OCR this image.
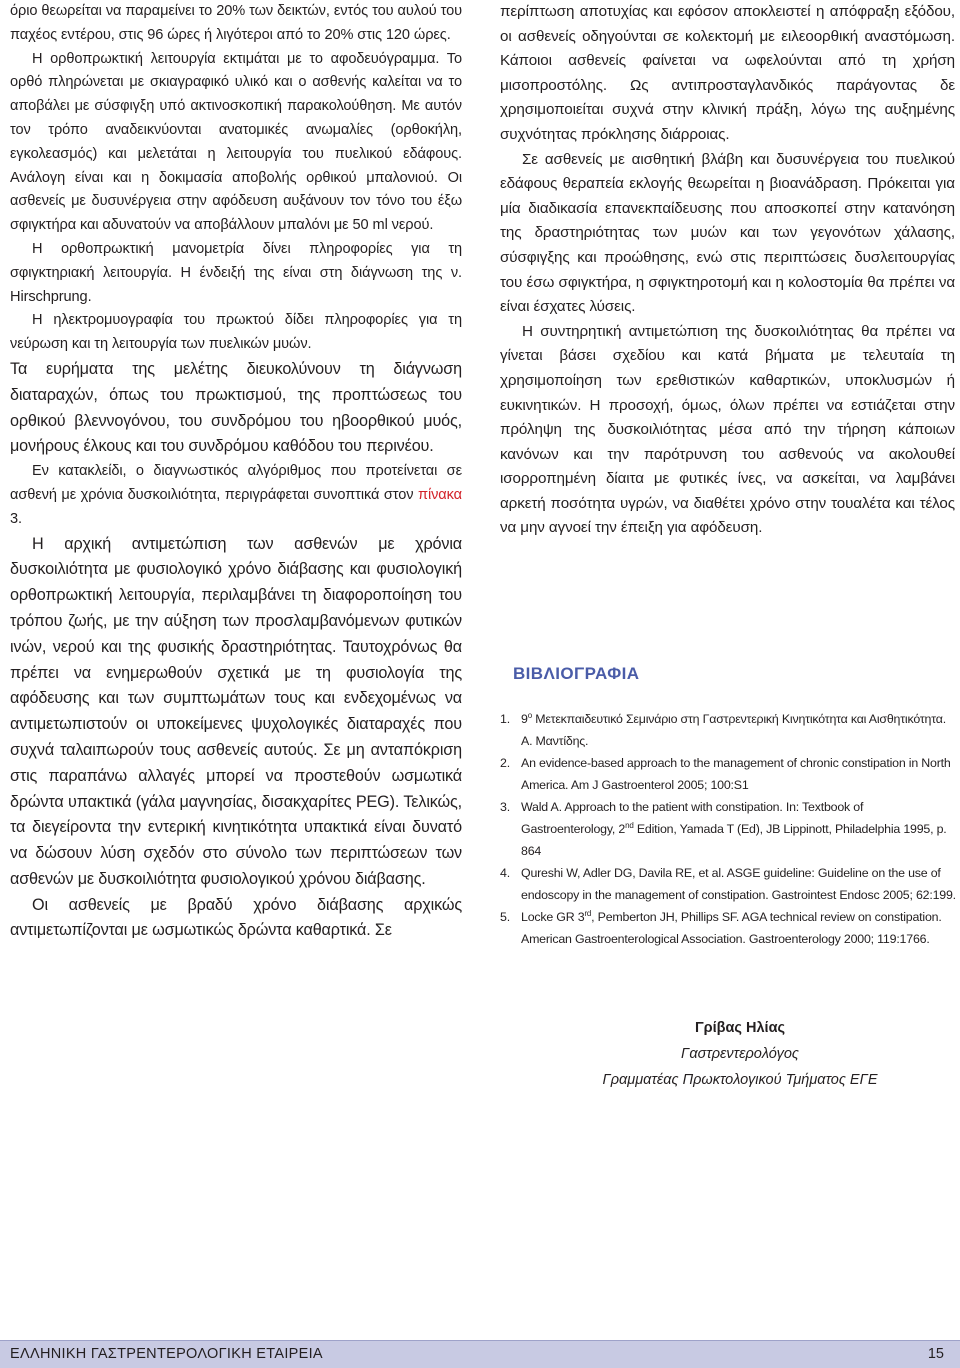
όριο θεωρείται να παραμείνει το 20% των δεικτών, εντός του αυλού του παχέος εντέρου, στις 96 ώρες ή λιγότεροι από το 20% στις 120 ώρες.

Η ορθοπρωκτική λειτουργία εκτιμάται με το αφοδευόγραμμα. Το ορθό πληρώνεται με σκιαγραφικό υλικό και ο ασθενής καλείται να το αποβάλει με σύσφιγξη υπό ακτινοσκοπική παρακολούθηση. Με αυτόν τον τρόπο αναδεικνύονται ανατομικές ανωμαλίες (ορθοκήλη, εγκολεασμός) και μελετάται η λειτουργία του πυελικού εδάφους. Ανάλογη είναι και η δοκιμασία αποβολής ορθικού μπαλονιού. Οι ασθενείς με δυσυνέργεια στην αφόδευση αυξάνουν τον τόνο του έξω σφιγκτήρα και αδυνατούν να αποβάλλουν μπαλόνι με 50 ml νερού.

Η ορθοπρωκτική μανομετρία δίνει πληροφορίες για τη σφιγκτηριακή λειτουργία. Η ένδειξή της είναι στη διάγνωση της ν. Hirschprung.

Η ηλεκτρομυογραφία του πρωκτού δίδει πληροφορίες για τη νεύρωση και τη λειτουργία των πυελικών μυών.

Τα ευρήματα της μελέτης διευκολύνουν τη διάγνωση διαταραχών, όπως του πρωκτισμού, της προπτώσεως του ορθικού βλεννογόνου, του συνδρόμου του ηβοορθικού μυός, μονήρους έλκους και του συνδρόμου καθόδου του περινέου.

Εν κατακλείδι, ο διαγνωστικός αλγόριθμος που προτείνεται σε ασθενή με χρόνια δυσκοιλιότητα, περιγράφεται συνοπτικά στον πίνακα 3.

Η αρχική αντιμετώπιση των ασθενών με χρόνια δυσκοιλιότητα με φυσιολογικό χρόνο διάβασης και φυσιολογική ορθοπρωκτική λειτουργία, περιλαμβάνει τη διαφοροποίηση του τρόπου ζωής, με την αύξηση των προσλαμβανόμενων φυτικών ινών, νερού και της φυσικής δραστηριότητας. Ταυτοχρόνως θα πρέπει να ενημερωθούν σχετικά με τη φυσιολογία της αφόδευσης και των συμπτωμάτων τους και ενδεχομένως να αντιμετωπιστούν οι υποκείμενες ψυχολογικές διαταραχές που συχνά ταλαιπωρούν τους ασθενείς αυτούς. Σε μη ανταπόκριση στις παραπάνω αλλαγές μπορεί να προστεθούν ωσμωτικά δρώντα υπακτικά (γάλα μαγνησίας, δισακχαρίτες PEG). Τελικώς, τα διεγείροντα την εντερική κινητικότητα υπακτικά είναι δυνατό να δώσουν λύση σχεδόν στο σύνολο των περιπτώσεων των ασθενών με δυσκοιλιότητα φυσιολογικού χρόνου διάβασης.

Οι ασθενείς με βραδύ χρόνο διάβασης αρχικώς αντιμετωπίζονται με ωσμωτικώς δρώντα καθαρτικά. Σε

περίπτωση αποτυχίας και εφόσον αποκλειστεί η απόφραξη εξόδου, οι ασθενείς οδηγούνται σε κολεκτομή με ειλεοορθική αναστόμωση. Κάποιοι ασθενείς φαίνεται να ωφελούνται από τη χρήση μισοπροστόλης. Ως αντιπροσταγλανδικός παράγοντας δε χρησιμοποιείται συχνά στην κλινική πράξη, λόγω της αυξημένης συχνότητας πρόκλησης διάρροιας.

Σε ασθενείς με αισθητική βλάβη και δυσυνέργεια του πυελικού εδάφους θεραπεία εκλογής θεωρείται η βιοανάδραση. Πρόκειται για μία διαδικασία επανεκπαίδευσης που αποσκοπεί στην κατανόηση της δραστηριότητας των μυών και των γεγονότων χάλασης, σύσφιγξης και προώθησης, ενώ στις περιπτώσεις δυσλειτουργίας του έσω σφιγκτήρα, η σφιγκτηροτομή και η κολοστομία θα πρέπει να είναι έσχατες λύσεις.

Η συντηρητική αντιμετώπιση της δυσκοιλιότητας θα πρέπει να γίνεται βάσει σχεδίου και κατά βήματα με τελευταία τη χρησιμοποίηση των ερεθιστικών καθαρτικών, υποκλυσμών ή ευκινητικών. Η προσοχή, όμως, όλων πρέπει να εστιάζεται στην πρόληψη της δυσκοιλιότητας μέσα από την τήρηση κάποιων κανόνων και την παρότρυνση του ασθενούς να ακολουθεί ισορροπημένη δίαιτα με φυτικές ίνες, να ασκείται, να λαμβάνει αρκετή ποσότητα υγρών, να διαθέτει χρόνο στην τουαλέτα και τέλος να μην αγνοεί την έπειξη για αφόδευση.

ΒΙΒΛΙΟΓΡΑΦΙΑ
1. $9^o$ Μετεκπαιδευτικό Σεμινάριο στη Γαστρεντερική Κινητικότητα και Αισθητικότητα. Α. Μαντίδης.
2. An evidence-based approach to the management of chronic constipation in North America. Am J Gastroenterol 2005; 100:S1
3. Wald A. Approach to the patient with constipation. In: Textbook of Gastroenterology, 2nd Edition, Yamada T (Ed), JB Lippinott, Philadelphia 1995, p. 864
4. Qureshi W, Adler DG, Davila RE, et al. ASGE guideline: Guideline on the use of endoscopy in the management of constipation. Gastrointest Endosc 2005; 62:199.
5. Locke GR 3rd, Pemberton JH, Phillips SF. AGA technical review on constipation. American Gastroenterological Association. Gastroenterology 2000; 119:1766.
Γρίβας Ηλίας
Γαστρεντερολόγος
Γραμματέας Πρωκτολογικού Τμήματος ΕΓΕ
ΕΛΛΗΝΙΚΗ ΓΑΣΤΡΕΝΤΕΡΟΛΟΓΙΚΗ ΕΤΑΙΡΕΙΑ	15
